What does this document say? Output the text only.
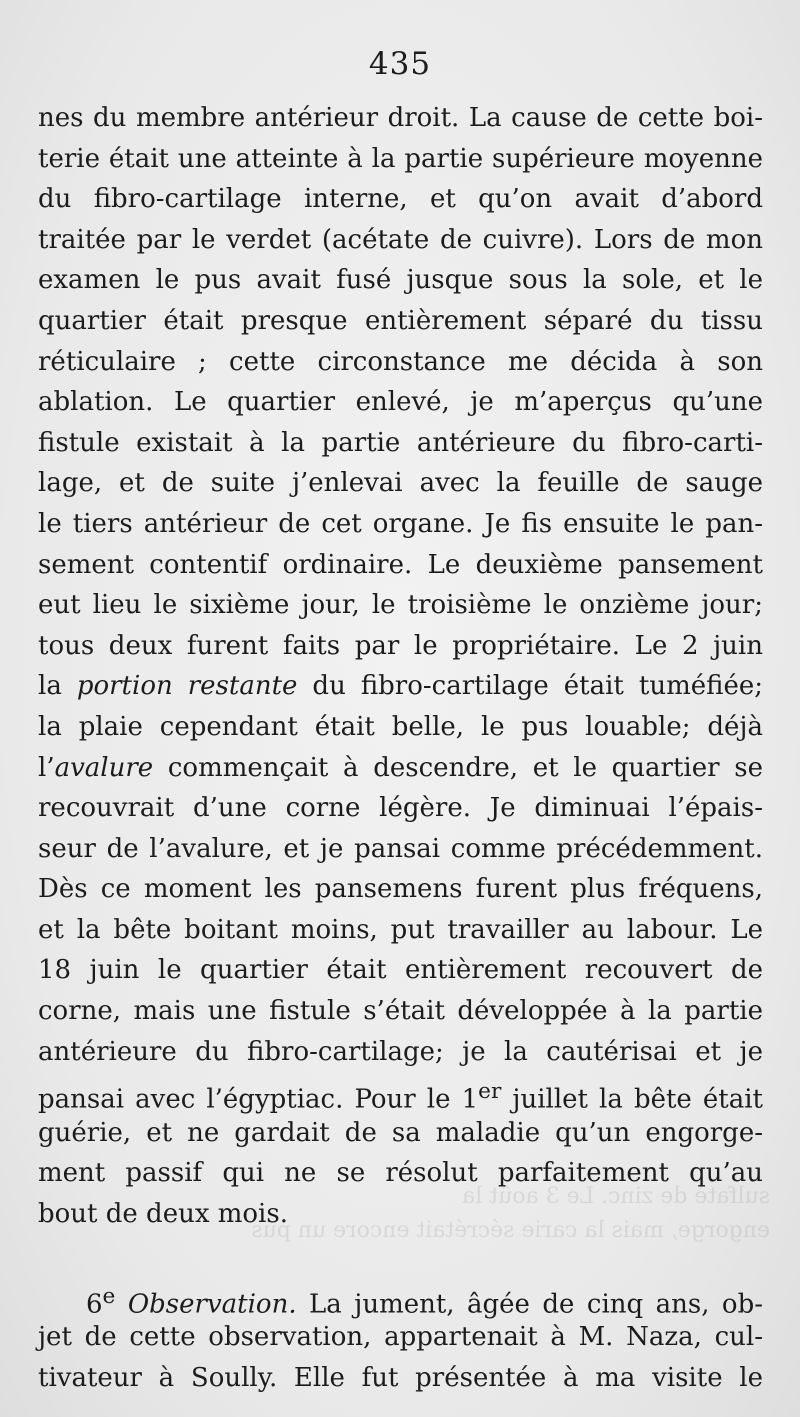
435
sulfate de zinc. Le 3 août la
engorge, mais la carie sécrétait encore un pus
nes du membre antérieur droit. La cause de cette boi-
terie était une atteinte à la partie supérieure moyenne
du fibro-cartilage interne, et qu’on avait d’abord
traitée par le verdet (acétate de cuivre). Lors de mon
examen le pus avait fusé jusque sous la sole, et le
quartier était presque entièrement séparé du tissu
réticulaire ; cette circonstance me décida à son
ablation. Le quartier enlevé, je m’aperçus qu’une
fistule existait à la partie antérieure du fibro-carti-
lage, et de suite j’enlevai avec la feuille de sauge
le tiers antérieur de cet organe. Je fis ensuite le pan-
sement contentif ordinaire. Le deuxième pansement
eut lieu le sixième jour, le troisième le onzième jour;
tous deux furent faits par le propriétaire. Le 2 juin
la portion restante du fibro-cartilage était tuméfiée;
la plaie cependant était belle, le pus louable; déjà
l’avalure commençait à descendre, et le quartier se
recouvrait d’une corne légère. Je diminuai l’épais-
seur de l’avalure, et je pansai comme précédemment.
Dès ce moment les pansemens furent plus fréquens,
et la bête boitant moins, put travailler au labour. Le
18 juin le quartier était entièrement recouvert de
corne, mais une fistule s’était développée à la partie
antérieure du fibro-cartilage; je la cautérisai et je
pansai avec l’égyptiac. Pour le 1er juillet la bête était
guérie, et ne gardait de sa maladie qu’un engorge-
ment passif qui ne se résolut parfaitement qu’au
bout de deux mois.
6e Observation. La jument, âgée de cinq ans, ob-
jet de cette observation, appartenait à M. Naza, cul-
tivateur à Soully. Elle fut présentée à ma visite le
